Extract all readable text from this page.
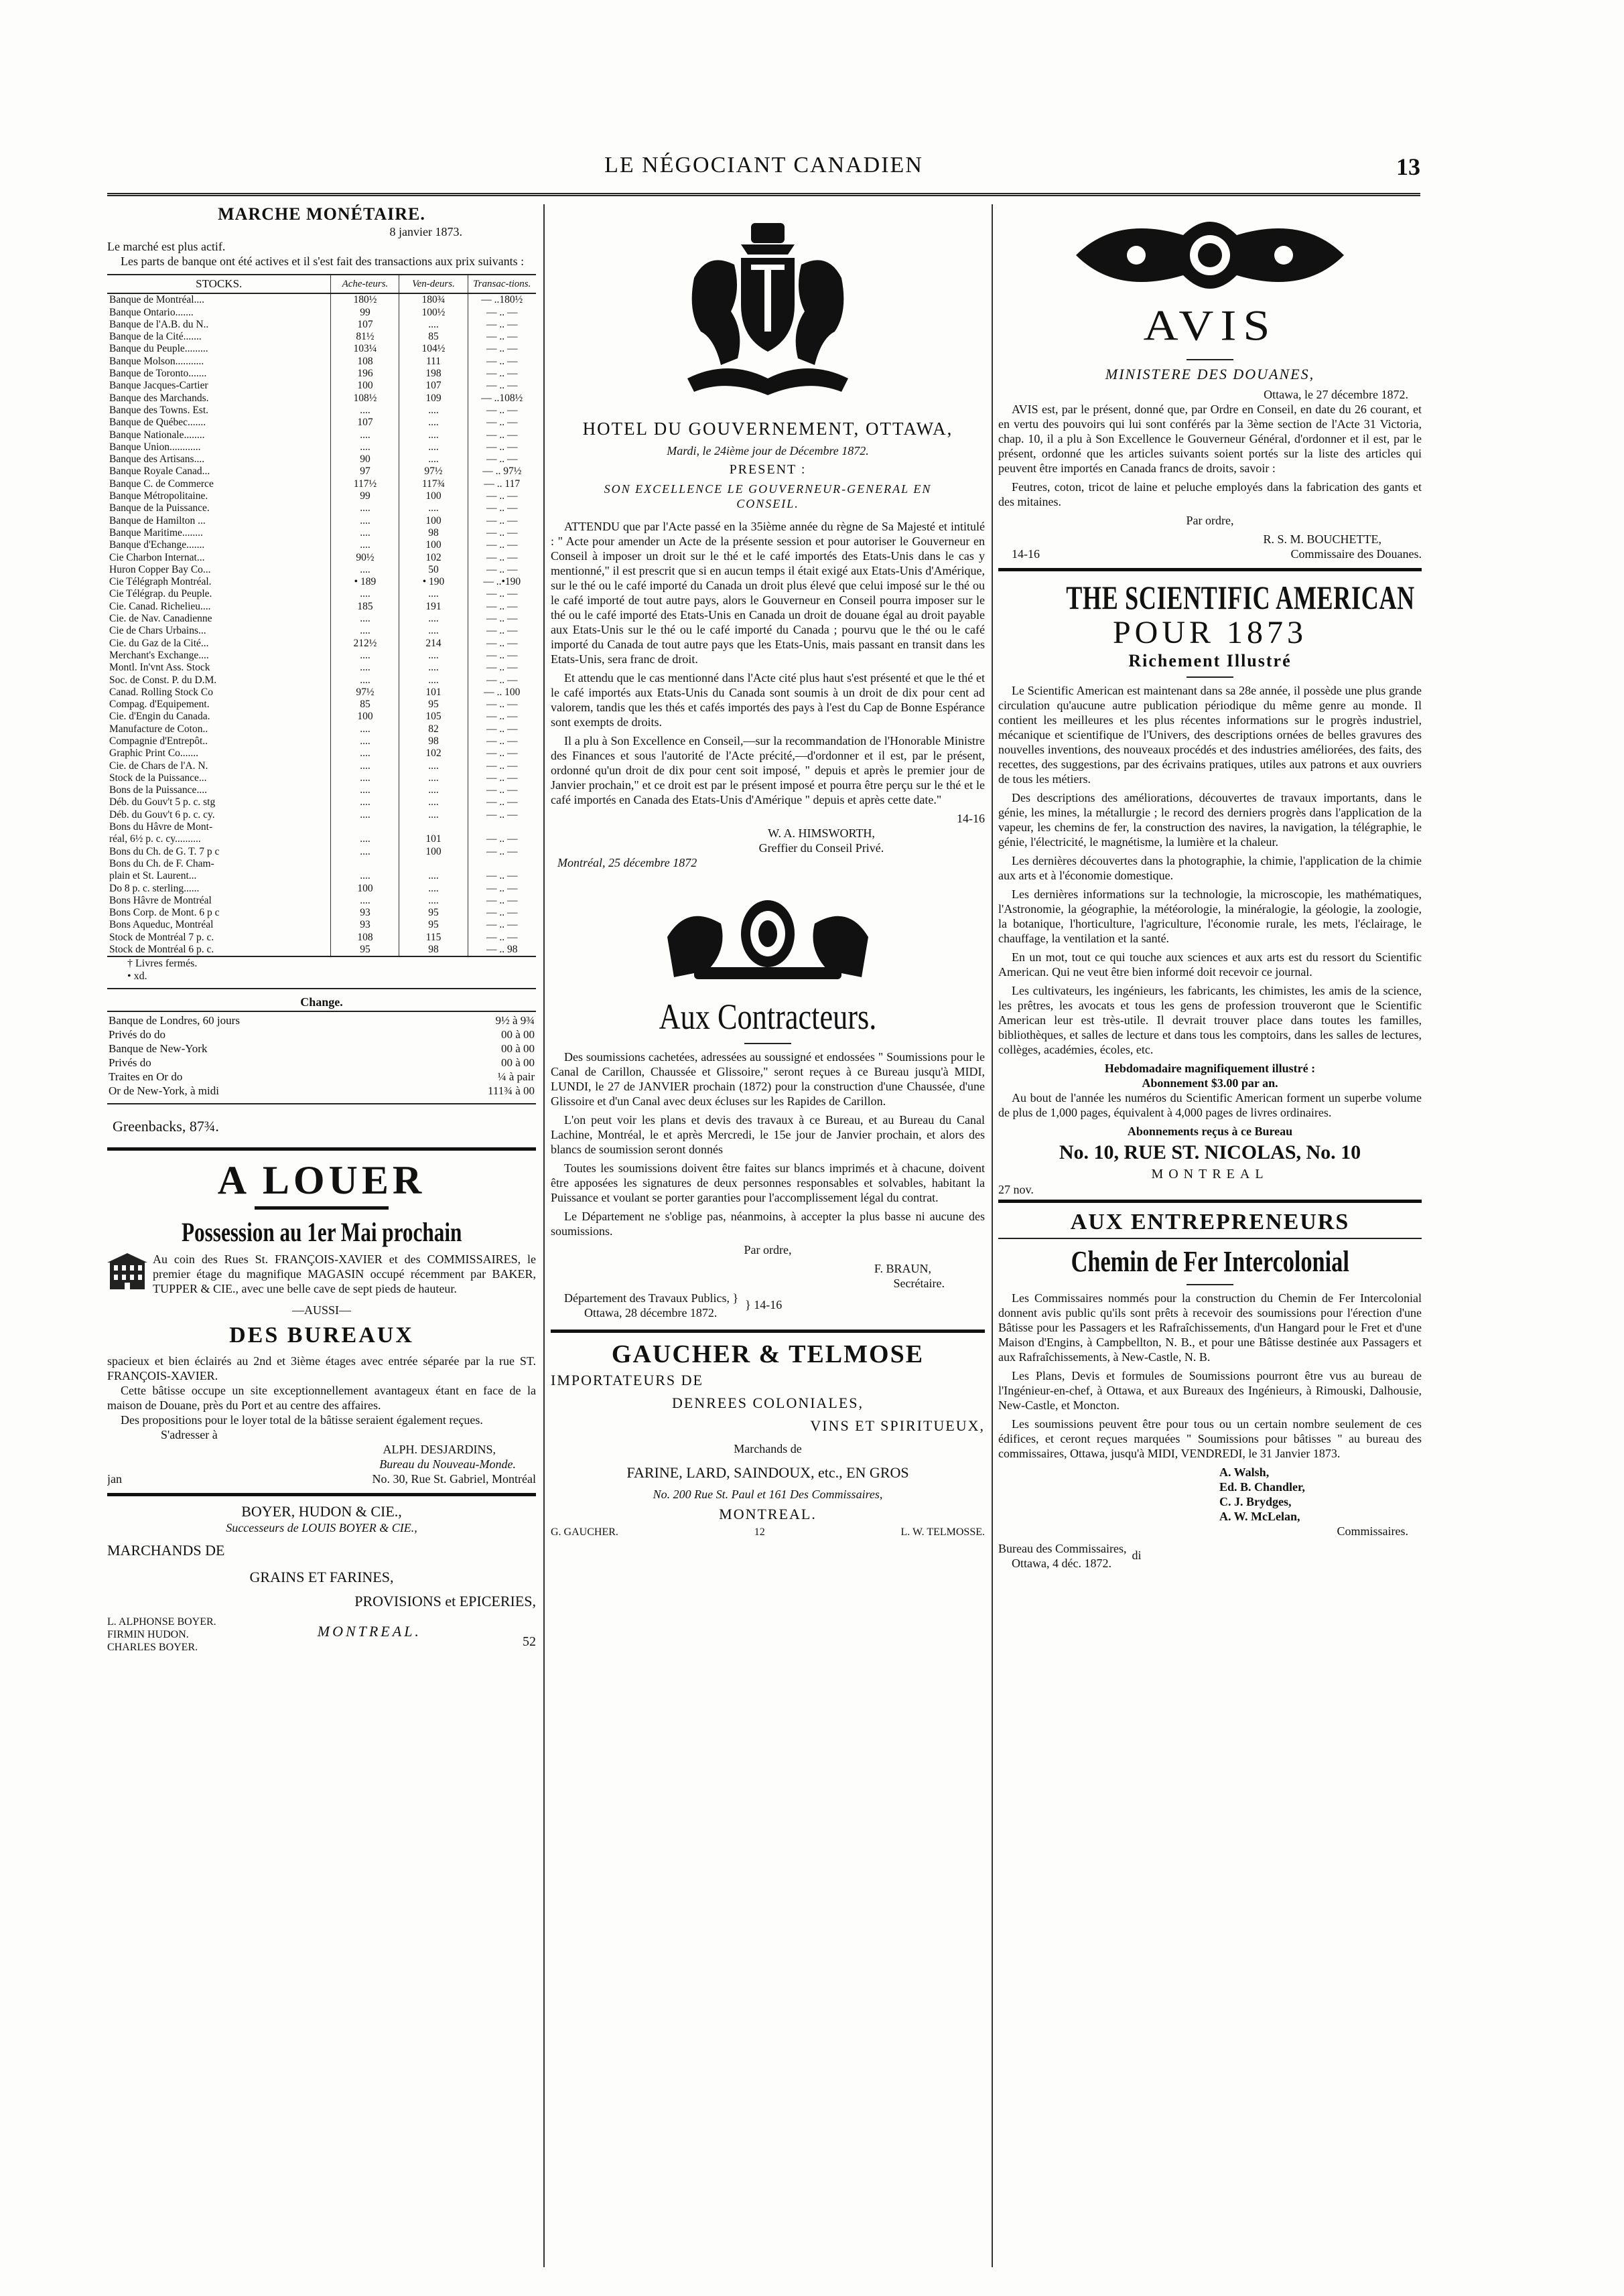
LE NÉGOCIANT CANADIEN	13
MARCHE MONÉTAIRE.
8 janvier 1873.
Le marché est plus actif.
Les parts de banque ont été actives et il s'est fait des transactions aux prix suivants :
STOCKS.	Ache-teurs.	Ven-deurs.	Transac-tions.
Banque de Montréal....	180½	180¾	— ..180½
Banque Ontario.......	99	100½	— .. —
Banque de l'A.B. du N..	107	....	— .. —
Banque de la Cité.......	81½	85	— .. —
Banque du Peuple.........	103¼	104½	— .. —
Banque Molson...........	108	111	— .. —
Banque de Toronto.......	196	198	— .. —
Banque Jacques-Cartier	100	107	— .. —
Banque des Marchands.	108½	109	— ..108½
Banque des Towns. Est.	....	....	— .. —
Banque de Québec.......	107	....	— .. —
Banque Nationale........	....	....	— .. —
Banque Union............	....	....	— .. —
Banque des Artisans....	90	....	— .. —
Banque Royale Canad...	97	97½	— .. 97½
Banque C. de Commerce	117½	117¾	— .. 117
Banque Métropolitaine.	99	100	— .. —
Banque de la Puissance.	....	....	— .. —
Banque de Hamilton ...	....	100	— .. —
Banque Maritime........	....	98	— .. —
Banque d'Echange.......	....	100	— .. —
Cie Charbon Internat...	90½	102	— .. —
Huron Copper Bay Co...	....	50	— .. —
Cie Télégraph Montréal.	• 189	• 190	— ..•190
Cie Télégrap. du Peuple.	....	....	— .. —
Cie. Canad. Richelieu....	185	191	— .. —
Cie. de Nav. Canadienne	....	....	— .. —
Cie de Chars Urbains...	....	....	— .. —
Cie. du Gaz de la Cité...	212½	214	— .. —
Merchant's Exchange....	....	....	— .. —
Montl. In'vnt Ass. Stock	....	....	— .. —
Soc. de Const. P. du D.M.	....	....	— .. —
Canad. Rolling Stock Co	97½	101	— .. 100
Compag. d'Equipement.	85	95	— .. —
Cie. d'Engin du Canada.	100	105	— .. —
Manufacture de Coton..	....	82	— .. —
Compagnie d'Entrepôt..	....	98	— .. —
Graphic Print Co.......	....	102	— .. —
Cie. de Chars de l'A. N.	....	....	— .. —
Stock de la Puissance...	....	....	— .. —
Bons de la Puissance....	....	....	— .. —
Déb. du Gouv't 5 p. c. stg	....	....	— .. —
Déb. du Gouv't 6 p. c. cy.	....	....	— .. —
Bons du Hâvre de Mont-			
réal, 6½ p. c. cy..........	....	101	— .. —
Bons du Ch. de G. T. 7 p c	....	100	— .. —
Bons du Ch. de F. Cham-			
plain et St. Laurent...	....	....	— .. —
Do 8 p. c. sterling......	100	....	— .. —
Bons Hâvre de Montréal	....	....	— .. —
Bons Corp. de Mont. 6 p c	93	95	— .. —
Bons Aqueduc, Montréal	93	95	— .. —
Stock de Montréal 7 p. c.	108	115	— .. —
Stock de Montréal 6 p. c.	95	98	— .. 98
† Livres fermés.
• xd.
Change.
Banque de Londres, 60 jours	9½ à 9¾
Privés do do	00 à 00
Banque de New-York	00 à 00
Privés do	00 à 00
Traites en Or do	¼ à pair
Or de New-York, à midi	111¾ à 00
Greenbacks, 87¾.
A LOUER
Possession au 1er Mai prochain
Au coin des Rues St. FRANÇOIS-XAVIER et des COMMISSAIRES, le premier étage du magnifique MAGASIN occupé récemment par BAKER, TUPPER & CIE., avec une belle cave de sept pieds de hauteur.
—AUSSI—
DES BUREAUX
spacieux et bien éclairés au 2nd et 3ième étages avec entrée séparée par la rue ST. FRANÇOIS-XAVIER.
Cette bâtisse occupe un site exceptionnellement avantageux étant en face de la maison de Douane, près du Port et au centre des affaires.
Des propositions pour le loyer total de la bâtisse seraient également reçues.
S'adresser à
ALPH. DESJARDINS,
Bureau du Nouveau-Monde.
jan	No. 30, Rue St. Gabriel, Montréal
BOYER, HUDON & CIE.,
Successeurs de LOUIS BOYER & CIE.,
MARCHANDS DE
GRAINS ET FARINES,
PROVISIONS et EPICERIES,
L. ALPHONSE BOYER.
FIRMIN HUDON.
CHARLES BOYER.
MONTREAL.
52
HOTEL DU GOUVERNEMENT, OTTAWA,
Mardi, le 24ième jour de Décembre 1872.
PRESENT :
SON EXCELLENCE LE GOUVERNEUR-GENERAL EN CONSEIL.

ATTENDU que par l'Acte passé en la 35ième année du règne de Sa Majesté et intitulé : " Acte pour amender un Acte de la présente session et pour autoriser le Gouverneur en Conseil à imposer un droit sur le thé et le café importés des Etats-Unis dans le cas y mentionné," il est prescrit que si en aucun temps il était exigé aux Etats-Unis d'Amérique, sur le thé ou le café importé du Canada un droit plus élevé que celui imposé sur le thé ou le café importé de tout autre pays, alors le Gouverneur en Conseil pourra imposer sur le thé ou le café importé des Etats-Unis en Canada un droit de douane égal au droit payable aux Etats-Unis sur le thé ou le café importé du Canada ; pourvu que le thé ou le café importé du Canada de tout autre pays que les Etats-Unis, mais passant en transit dans les Etats-Unis, sera franc de droit.

Et attendu que le cas mentionné dans l'Acte cité plus haut s'est présenté et que le thé et le café importés aux Etats-Unis du Canada sont soumis à un droit de dix pour cent ad valorem, tandis que les thés et cafés importés des pays à l'est du Cap de Bonne Espérance sont exempts de droits.

Il a plu à Son Excellence en Conseil,—sur la recommandation de l'Honorable Ministre des Finances et sous l'autorité de l'Acte précité,—d'ordonner et il est, par le présent, ordonné qu'un droit de dix pour cent soit imposé, " depuis et après le premier jour de Janvier prochain," et ce droit est par le présent imposé et pourra être perçu sur le thé et le café importés en Canada des Etats-Unis d'Amérique " depuis et après cette date."

14-16
W. A. HIMSWORTH,
Greffier du Conseil Privé.
Montréal, 25 décembre 1872
Aux Contracteurs.

Des soumissions cachetées, adressées au soussigné et endossées " Soumissions pour le Canal de Carillon, Chaussée et Glissoire," seront reçues à ce Bureau jusqu'à MIDI, LUNDI, le 27 de JANVIER prochain (1872) pour la construction d'une Chaussée, d'une Glissoire et d'un Canal avec deux écluses sur les Rapides de Carillon.

L'on peut voir les plans et devis des travaux à ce Bureau, et au Bureau du Canal Lachine, Montréal, le et après Mercredi, le 15e jour de Janvier prochain, et alors des blancs de soumission seront donnés

Toutes les soumissions doivent être faites sur blancs imprimés et à chacune, doivent être apposées les signatures de deux personnes responsables et solvables, habitant la Puissance et voulant se porter garanties pour l'accomplissement légal du contrat.

Le Département ne s'oblige pas, néanmoins, à accepter la plus basse ni aucune des soumissions.

Par ordre,
F. BRAUN,
Secrétaire.
Département des Travaux Publics, }
Ottawa, 28 décembre 1872.
} 14-16
GAUCHER & TELMOSE
IMPORTATEURS DE
DENREES COLONIALES,
VINS ET SPIRITUEUX,
Marchands de
FARINE, LARD, SAINDOUX, etc., EN GROS
No. 200 Rue St. Paul et 161 Des Commissaires,
MONTREAL.
G. GAUCHER.	12	L. W. TELMOSSE.
AVIS
MINISTERE DES DOUANES,
Ottawa, le 27 décembre 1872.

AVIS est, par le présent, donné que, par Ordre en Conseil, en date du 26 courant, et en vertu des pouvoirs qui lui sont conférés par la 3ème section de l'Acte 31 Victoria, chap. 10, il a plu à Son Excellence le Gouverneur Général, d'ordonner et il est, par le présent, ordonné que les articles suivants soient portés sur la liste des articles qui peuvent être importés en Canada francs de droits, savoir :

Feutres, coton, tricot de laine et peluche employés dans la fabrication des gants et des mitaines.

Par ordre,
R. S. M. BOUCHETTE,
14-16	Commissaire des Douanes.
THE SCIENTIFIC AMERICAN
POUR 1873
Richement Illustré

Le Scientific American est maintenant dans sa 28e année, il possède une plus grande circulation qu'aucune autre publication périodique du même genre au monde. Il contient les meilleures et les plus récentes informations sur le progrès industriel, mécanique et scientifique de l'Univers, des descriptions ornées de belles gravures des nouvelles inventions, des nouveaux procédés et des industries améliorées, des faits, des recettes, des suggestions, par des écrivains pratiques, utiles aux patrons et aux ouvriers de tous les métiers.

Des descriptions des améliorations, découvertes de travaux importants, dans le génie, les mines, la métallurgie ; le record des derniers progrès dans l'application de la vapeur, les chemins de fer, la construction des navires, la navigation, la télégraphie, le génie, l'électricité, le magnétisme, la lumière et la chaleur.

Les dernières découvertes dans la photographie, la chimie, l'application de la chimie aux arts et à l'économie domestique.

Les dernières informations sur la technologie, la microscopie, les mathématiques, l'Astronomie, la géographie, la météorologie, la minéralogie, la géologie, la zoologie, la botanique, l'horticulture, l'agriculture, l'économie rurale, les mets, l'éclairage, le chauffage, la ventilation et la santé.

En un mot, tout ce qui touche aux sciences et aux arts est du ressort du Scientific American. Qui ne veut être bien informé doit recevoir ce journal.

Les cultivateurs, les ingénieurs, les fabricants, les chimistes, les amis de la science, les prêtres, les avocats et tous les gens de profession trouveront que le Scientific American leur est très-utile. Il devrait trouver place dans toutes les familles, bibliothèques, et salles de lecture et dans tous les comptoirs, dans les salles de lectures, collèges, académies, écoles, etc.

Hebdomadaire magnifiquement illustré :
Abonnement $3.00 par an.

Au bout de l'année les numéros du Scientific American forment un superbe volume de plus de 1,000 pages, équivalent à 4,000 pages de livres ordinaires.

Abonnements reçus à ce Bureau
No. 10, RUE ST. NICOLAS, No. 10
MONTREAL
27 nov.
AUX ENTREPRENEURS
Chemin de Fer Intercolonial

Les Commissaires nommés pour la construction du Chemin de Fer Intercolonial donnent avis public qu'ils sont prêts à recevoir des soumissions pour l'érection d'une Bâtisse pour les Passagers et les Rafraîchissements, d'un Hangard pour le Fret et d'une Maison d'Engins, à Campbellton, N. B., et pour une Bâtisse destinée aux Passagers et aux Rafraîchissements, à New-Castle, N. B.

Les Plans, Devis et formules de Soumissions pourront être vus au bureau de l'Ingénieur-en-chef, à Ottawa, et aux Bureaux des Ingénieurs, à Rimouski, Dalhousie, New-Castle, et Moncton.

Les soumissions peuvent être pour tous ou un certain nombre seulement de ces édifices, et ceront reçues marquées " Soumissions pour bâtisses " au bureau des commissaires, Ottawa, jusqu'à MIDI, VENDREDI, le 31 Janvier 1873.

A. Walsh,
Ed. B. Chandler,
C. J. Brydges,
A. W. McLelan,
Commissaires.
Bureau des Commissaires,
Ottawa, 4 déc. 1872.
di
